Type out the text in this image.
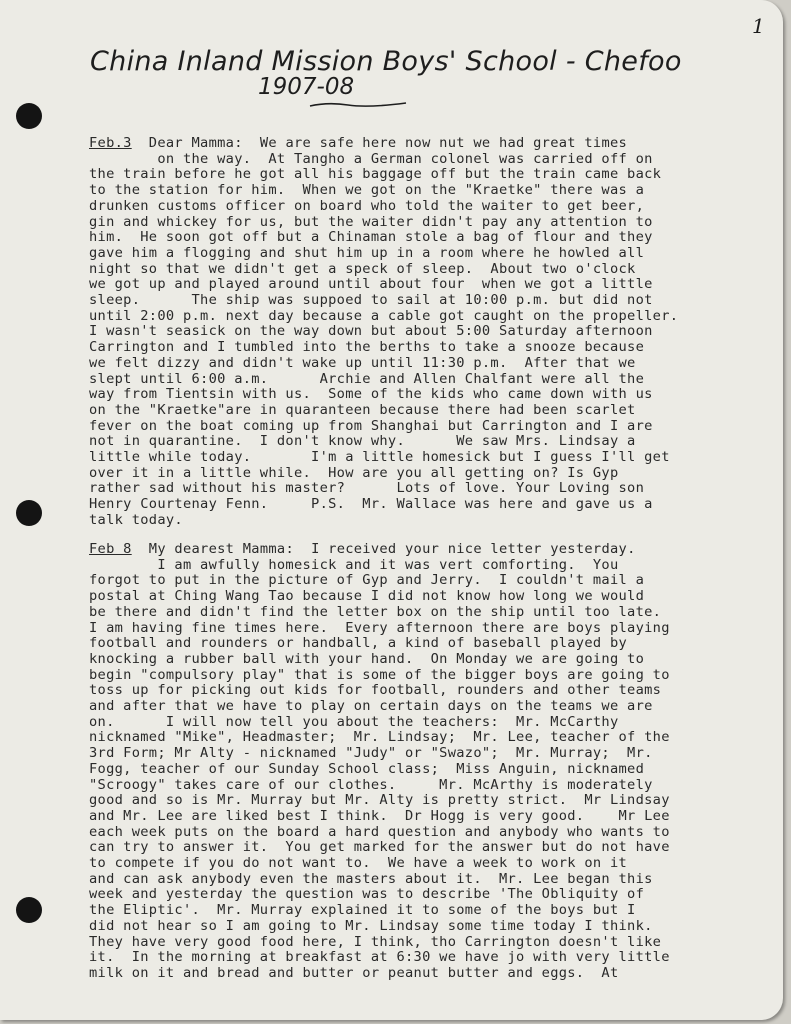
1
China Inland Mission Boys' School - Chefoo
1907-08
Feb.3 Dear Mamma:  We are safe here now nut we had great times
on the way.  At Tangho a German colonel was carried off on
the train before he got all his baggage off but the train came back
to the station for him.  When we got on the "Kraetke" there was a
drunken customs officer on board who told the waiter to get beer,
gin and whickey for us, but the waiter didn't pay any attention to
him.  He soon got off but a Chinaman stole a bag of flour and they
gave him a flogging and shut him up in a room where he howled all
night so that we didn't get a speck of sleep.  About two o'clock
we got up and played around until about four  when we got a little
sleep.      The ship was suppoed to sail at 10:00 p.m. but did not
until 2:00 p.m. next day because a cable got caught on the propeller.
I wasn't seasick on the way down but about 5:00 Saturday afternoon
Carrington and I tumbled into the berths to take a snooze because
we felt dizzy and didn't wake up until 11:30 p.m.  After that we
slept until 6:00 a.m.      Archie and Allen Chalfant were all the
way from Tientsin with us.  Some of the kids who came down with us
on the "Kraetke"are in quaranteen because there had been scarlet
fever on the boat coming up from Shanghai but Carrington and I are
not in quarantine.  I don't know why.      We saw Mrs. Lindsay a
little while today.       I'm a little homesick but I guess I'll get
over it in a little while.  How are you all getting on? Is Gyp
rather sad without his master?      Lots of love. Your Loving son
Henry Courtenay Fenn.     P.S.  Mr. Wallace was here and gave us a
talk today.
Feb 8 My dearest Mamma:  I received your nice letter yesterday.
I am awfully homesick and it was vert comforting.  You
forgot to put in the picture of Gyp and Jerry.  I couldn't mail a
postal at Ching Wang Tao because I did not know how long we would
be there and didn't find the letter box on the ship until too late.
I am having fine times here.  Every afternoon there are boys playing
football and rounders or handball, a kind of baseball played by
knocking a rubber ball with your hand.  On Monday we are going to
begin "compulsory play" that is some of the bigger boys are going to
toss up for picking out kids for football, rounders and other teams
and after that we have to play on certain days on the teams we are
on.      I will now tell you about the teachers:  Mr. McCarthy
nicknamed "Mike", Headmaster;  Mr. Lindsay;  Mr. Lee, teacher of the
3rd Form; Mr Alty - nicknamed "Judy" or "Swazo";  Mr. Murray;  Mr.
Fogg, teacher of our Sunday School class;  Miss Anguin, nicknamed
"Scroogy" takes care of our clothes.     Mr. McArthy is moderately
good and so is Mr. Murray but Mr. Alty is pretty strict.  Mr Lindsay
and Mr. Lee are liked best I think.  Dr Hogg is very good.    Mr Lee
each week puts on the board a hard question and anybody who wants to
can try to answer it.  You get marked for the answer but do not have
to compete if you do not want to.  We have a week to work on it
and can ask anybody even the masters about it.  Mr. Lee began this
week and yesterday the question was to describe 'The Obliquity of
the Eliptic'.  Mr. Murray explained it to some of the boys but I
did not hear so I am going to Mr. Lindsay some time today I think.
They have very good food here, I think, tho Carrington doesn't like
it.  In the morning at breakfast at 6:30 we have jo with very little
milk on it and bread and butter or peanut butter and eggs.  At
